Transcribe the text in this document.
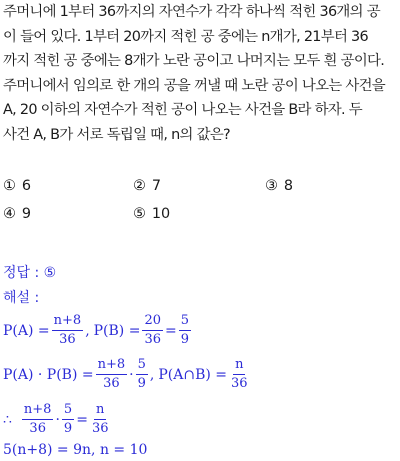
주머니에 1부터 36까지의 자연수가 각각 하나씩 적힌 36개의 공
이 들어 있다. 1부터 20까지 적힌 공 중에는 n개가, 21부터 36
까지 적힌 공 중에는 8개가 노란 공이고 나머지는 모두 흰 공이다.
주머니에서 임의로 한 개의 공을 꺼낼 때 노란 공이 나오는 사건을
A, 20 이하의 자연수가 적힌 공이 나오는 사건을 B라 하자. 두
사건 A, B가 서로 독립일 때, n의 값은?
① 6	② 7	③ 8
④ 9	⑤ 10
정답 : ⑤
해설 :
$P(A) = \frac{n+8}{36}$ , $P(B) = \frac{20}{36} = \frac{5}{9}$
$P(A) \cdot P(B) = \frac{n+8}{36} \cdot \frac{5}{9}$ , P(A∩B) = $\frac{n}{36}$
∴ $\frac{n+8}{36} \cdot \frac{5}{9} = \frac{n}{36}$
5(n+8) = 9n, n = 10
